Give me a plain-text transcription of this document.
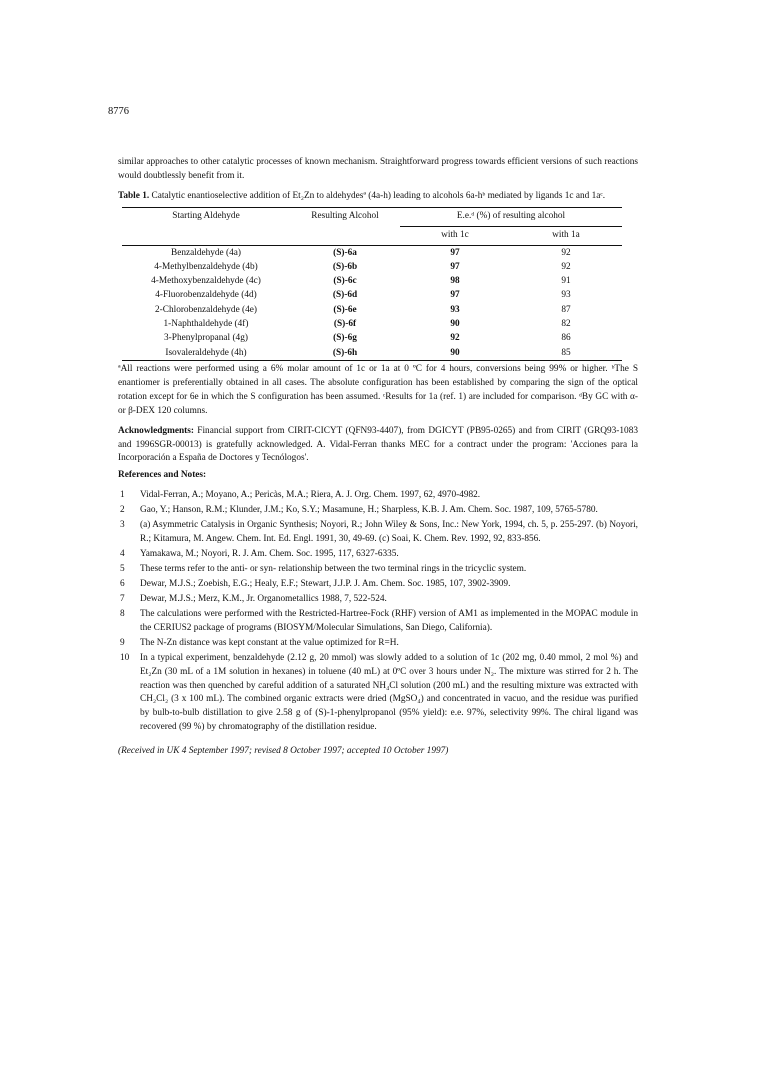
8776

similar approaches to other catalytic processes of known mechanism. Straightforward progress towards efficient versions of such reactions would doubtlessly benefit from it.

Table 1. Catalytic enantioselective addition of Et₂Zn to aldehydesª (4a-h) leading to alcohols 6a-hᵇ mediated by ligands 1c and 1aᶜ.

Starting Aldehyde	Resulting Alcohol	E.e.ᵈ (%) of resulting alcohol	
		with 1c	with 1a
Benzaldehyde (4a)	(S)-6a	97	92
4-Methylbenzaldehyde (4b)	(S)-6b	97	92
4-Methoxybenzaldehyde (4c)	(S)-6c	98	91
4-Fluorobenzaldehyde (4d)	(S)-6d	97	93
2-Chlorobenzaldehyde (4e)	(S)-6e	93	87
1-Naphthaldehyde (4f)	(S)-6f	90	82
3-Phenylpropanal (4g)	(S)-6g	92	86
Isovaleraldehyde (4h)	(S)-6h	90	85

ªAll reactions were performed using a 6% molar amount of 1c or 1a at 0 ºC for 4 hours, conversions being 99% or higher. ᵇThe S enantiomer is preferentially obtained in all cases. The absolute configuration has been established by comparing the sign of the optical rotation except for 6e in which the S configuration has been assumed. ᶜResults for 1a (ref. 1) are included for comparison. ᵈBy GC with α- or β-DEX 120 columns.

Acknowledgments: Financial support from CIRIT-CICYT (QFN93-4407), from DGICYT (PB95-0265) and from CIRIT (GRQ93-1083 and 1996SGR-00013) is gratefully acknowledged. A. Vidal-Ferran thanks MEC for a contract under the program: 'Acciones para la Incorporación a España de Doctores y Tecnólogos'.

References and Notes:

1	Vidal-Ferran, A.; Moyano, A.; Pericàs, M.A.; Riera, A. J. Org. Chem. 1997, 62, 4970-4982.
2	Gao, Y.; Hanson, R.M.; Klunder, J.M.; Ko, S.Y.; Masamune, H.; Sharpless, K.B. J. Am. Chem. Soc. 1987, 109, 5765-5780.
3	(a) Asymmetric Catalysis in Organic Synthesis; Noyori, R.; John Wiley & Sons, Inc.: New York, 1994, ch. 5, p. 255-297. (b) Noyori, R.; Kitamura, M. Angew. Chem. Int. Ed. Engl. 1991, 30, 49-69. (c) Soai, K. Chem. Rev. 1992, 92, 833-856.
4	Yamakawa, M.; Noyori, R. J. Am. Chem. Soc. 1995, 117, 6327-6335.
5	These terms refer to the anti- or syn- relationship between the two terminal rings in the tricyclic system.
6	Dewar, M.J.S.; Zoebish, E.G.; Healy, E.F.; Stewart, J.J.P. J. Am. Chem. Soc. 1985, 107, 3902-3909.
7	Dewar, M.J.S.; Merz, K.M., Jr. Organometallics 1988, 7, 522-524.
8	The calculations were performed with the Restricted-Hartree-Fock (RHF) version of AM1 as implemented in the MOPAC module in the CERIUS2 package of programs (BIOSYM/Molecular Simulations, San Diego, California).
9	The N-Zn distance was kept constant at the value optimized for R=H.
10	In a typical experiment, benzaldehyde (2.12 g, 20 mmol) was slowly added to a solution of 1c (202 mg, 0.40 mmol, 2 mol %) and Et₂Zn (30 mL of a 1M solution in hexanes) in toluene (40 mL) at 0ºC over 3 hours under N₂. The mixture was stirred for 2 h. The reaction was then quenched by careful addition of a saturated NH₄Cl solution (200 mL) and the resulting mixture was extracted with CH₂Cl₂ (3 x 100 mL). The combined organic extracts were dried (MgSO₄) and concentrated in vacuo, and the residue was purified by bulb-to-bulb distillation to give 2.58 g of (S)-1-phenylpropanol (95% yield): e.e. 97%, selectivity 99%. The chiral ligand was recovered (99 %) by chromatography of the distillation residue.

(Received in UK 4 September 1997; revised 8 October 1997; accepted 10 October 1997)
